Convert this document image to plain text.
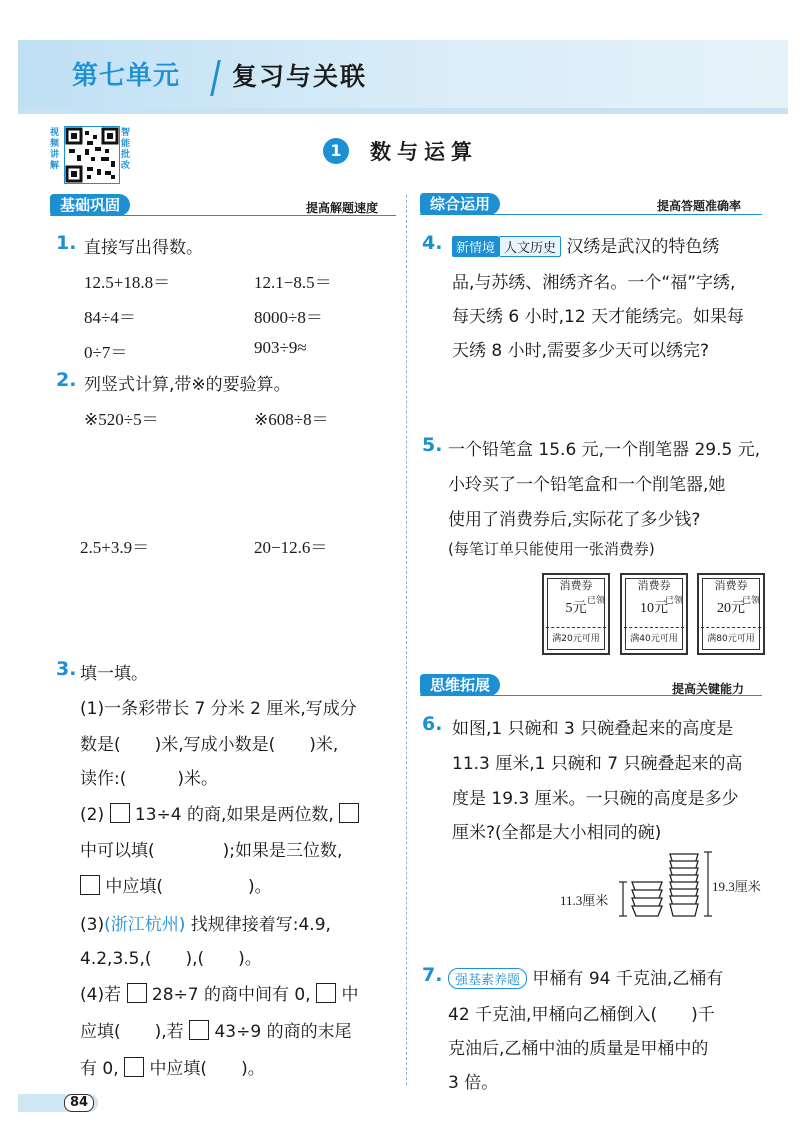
第七单元 复习与关联
视频讲解
智能批改
1	数与运算
基础巩固	提高解题速度	综合运用	提高答题准确率
思维拓展	提高关键能力
1. 直接写出得数。
12.5+18.8＝	12.1−8.5＝
84÷4＝	8000÷8＝
0÷7＝	903÷9≈
2. 列竖式计算,带※的要验算。
※520÷5＝	※608÷8＝
2.5+3.9＝	20−12.6＝
3. 填一填。
(1)一条彩带长 7 分米 2 厘米,写成分
数是(　　)米,写成小数是(　　)米,
读作:(　　　)米。
(2) 13÷4 的商,如果是两位数,
中可以填(　　　　);如果是三位数,
中应填(　　　　　)。
(3)(浙江杭州) 找规律接着写:4.9,
4.2,3.5,(　　),(　　)。
(4)若 28÷7 的商中间有 0, 中
应填(　　),若 43÷9 的商的末尾
有 0, 中应填(　　)。
4.	新情境 人文历史 汉绣是武汉的特色绣
品,与苏绣、湘绣齐名。一个“福”字绣,
每天绣 6 小时,12 天才能绣完。如果每
天绣 8 小时,需要多少天可以绣完?
5. 一个铅笔盒 15.6 元,一个削笔器 29.5 元,
小玲买了一个铅笔盒和一个削笔器,她
使用了消费券后,实际花了多少钱?
(每笔订单只能使用一张消费券)
消费券
已领
5元
满20元可用
消费券
已领
10元
满40元可用
消费券
已领
20元
满80元可用
6. 如图,1 只碗和 3 只碗叠起来的高度是
11.3 厘米,1 只碗和 7 只碗叠起来的高
度是 19.3 厘米。一只碗的高度是多少
厘米?(全都是大小相同的碗)
11.3厘米
19.3厘米
7. 强基素养题 甲桶有 94 千克油,乙桶有
42 千克油,甲桶向乙桶倒入(　　)千
克油后,乙桶中油的质量是甲桶中的
3 倍。
84
